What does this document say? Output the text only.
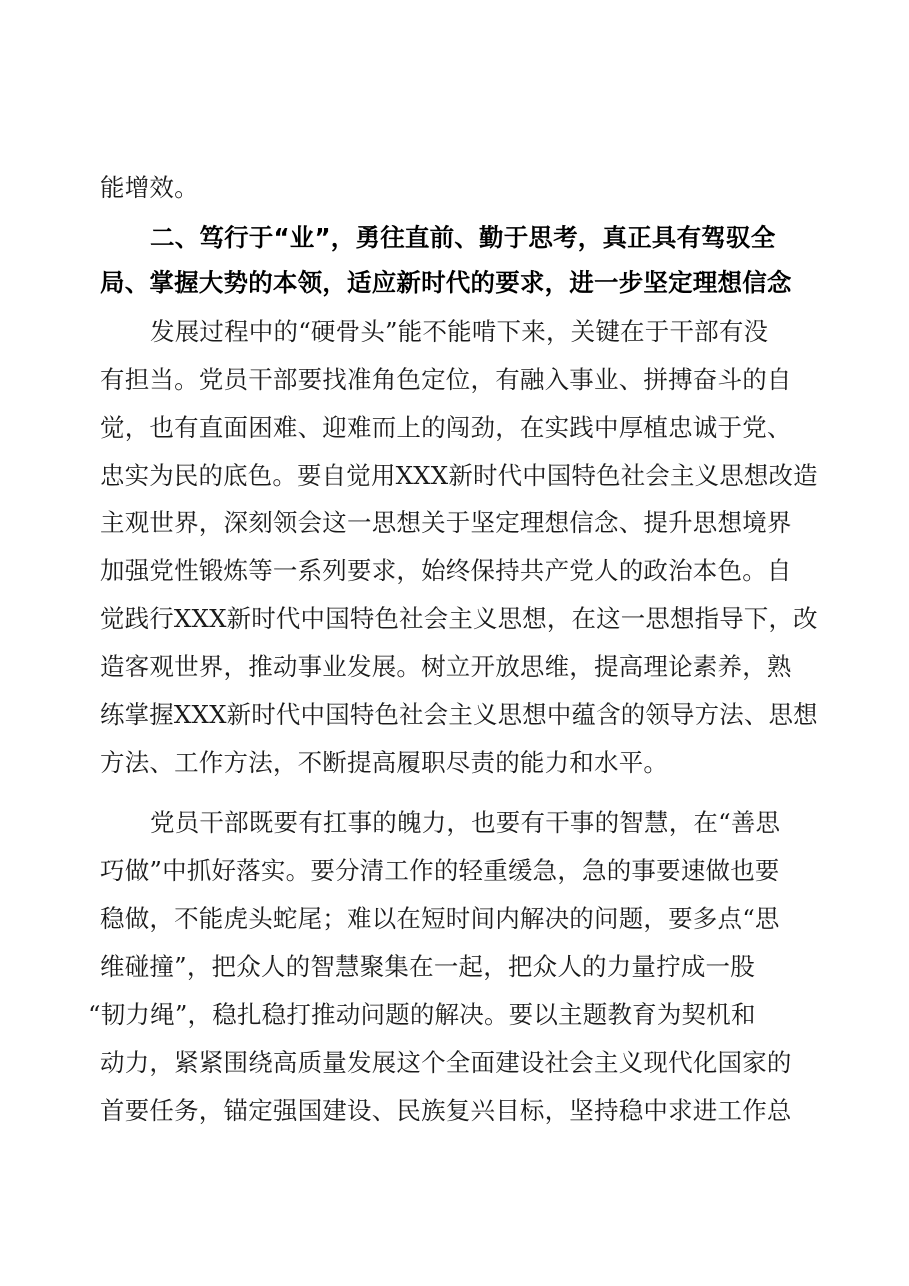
能增效。
二、笃行于“业”，勇往直前、勤于思考，真正具有驾驭全
局、掌握大势的本领，适应新时代的要求，进一步坚定理想信念
发展过程中的“硬骨头”能不能啃下来，关键在于干部有没
有担当。党员干部要找准角色定位，有融入事业、拼搏奋斗的自
觉，也有直面困难、迎难而上的闯劲，在实践中厚植忠诚于党、
忠实为民的底色。要自觉用XXX新时代中国特色社会主义思想改造
主观世界，深刻领会这一思想关于坚定理想信念、提升思想境界
加强党性锻炼等一系列要求，始终保持共产党人的政治本色。自
觉践行XXX新时代中国特色社会主义思想，在这一思想指导下，改
造客观世界，推动事业发展。树立开放思维，提高理论素养，熟
练掌握XXX新时代中国特色社会主义思想中蕴含的领导方法、思想
方法、工作方法，不断提高履职尽责的能力和水平。
党员干部既要有扛事的魄力，也要有干事的智慧，在“善思
巧做”中抓好落实。要分清工作的轻重缓急，急的事要速做也要
稳做，不能虎头蛇尾；难以在短时间内解决的问题，要多点“思
维碰撞”，把众人的智慧聚集在一起，把众人的力量拧成一股
“韧力绳”，稳扎稳打推动问题的解决。要以主题教育为契机和
动力，紧紧围绕高质量发展这个全面建设社会主义现代化国家的
首要任务，锚定强国建设、民族复兴目标，坚持稳中求进工作总
